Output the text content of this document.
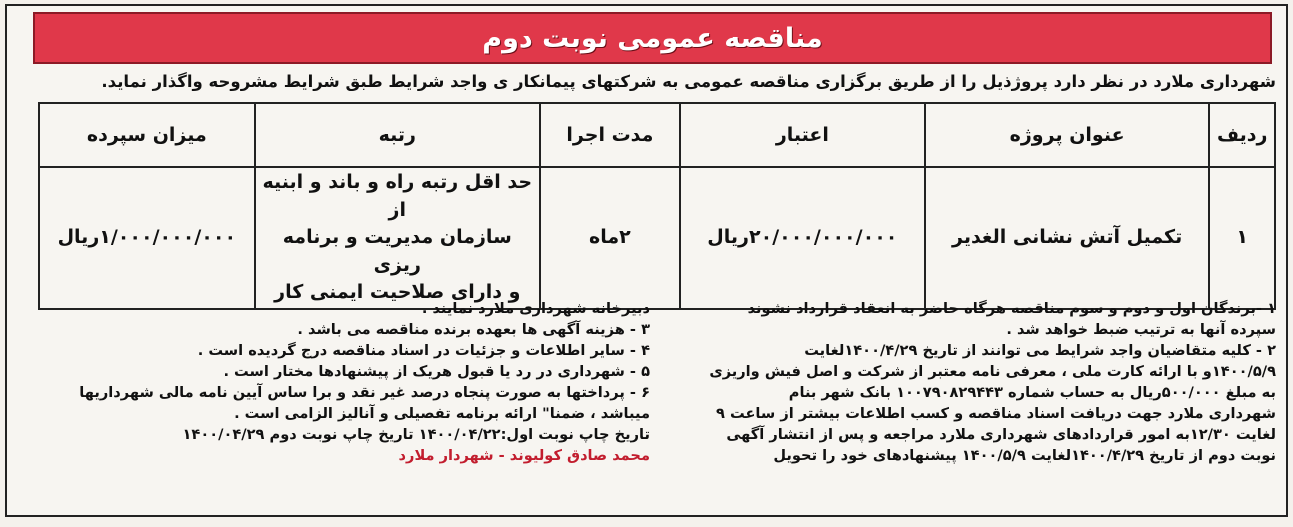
مناقصه عمومی نوبت دوم
شهرداری ملارد در نظر دارد پروژذیل را از طریق برگزاری مناقصه عمومی به شرکتهای پیمانکار ی واجد شرایط طبق شرایط مشروحه واگذار نماید.
ردیف	عنوان پروژه	اعتبار	مدت اجرا	رتبه	میزان سپرده
۱	تکمیل آتش نشانی الغدیر	۲۰/۰۰۰/۰۰۰/۰۰۰ریال	۲ماه	حد اقل رتبه راه و باند و ابنیه از
سازمان مدیریت و برنامه ریزی
و دارای صلاحیت ایمنی کار	۱/۰۰۰/۰۰۰/۰۰۰ریال

۱ -برندگان اول و دوم و سوم مناقصه هرگاه حاضر به انعقاد قرارداد نشوند

سپرده آنها به ترتیب ضبط خواهد شد .

۲ - کلیه متقاضیان واجد شرایط می توانند از تاریخ ۱۴۰۰/۴/۲۹لغایت

۱۴۰۰/۵/۹و با ارائه کارت ملی ، معرفی نامه معتبر از شرکت و اصل فیش واریزی

به مبلغ ۵۰۰/۰۰۰ریال به حساب شماره ۱۰۰۷۹۰۸۲۹۴۴۳ بانک شهر بنام

شهرداری ملارد جهت دریافت اسناد مناقصه و کسب اطلاعات بیشتر از ساعت ۹

لغایت ۱۲/۳۰به امور قراردادهای شهرداری ملارد مراجعه و پس از انتشار آگهی

نوبت دوم از تاریخ ۱۴۰۰/۴/۲۹لغایت ۱۴۰۰/۵/۹ پیشنهادهای خود را تحویل

دبیرخانه شهرداری ملارد نمایند .

۳ - هزینه آگهی ها بعهده برنده مناقصه می باشد .

۴ - سایر اطلاعات و جزئیات در اسناد مناقصه درج گردیده است .

۵ - شهرداری در رد یا قبول هریک از پیشنهادها مختار است .

۶ - پرداختها به صورت پنجاه درصد غیر نقد و برا ساس آیین نامه مالی شهرداریها

میباشد ، ضمنا" ارائه برنامه تفصیلی و آنالیز الزامی است .

تاریخ چاپ نوبت اول:۱۴۰۰/۰۴/۲۲ تاریخ چاپ نوبت دوم ۱۴۰۰/۰۴/۲۹

محمد صادق کولیوند - شهردار ملارد
